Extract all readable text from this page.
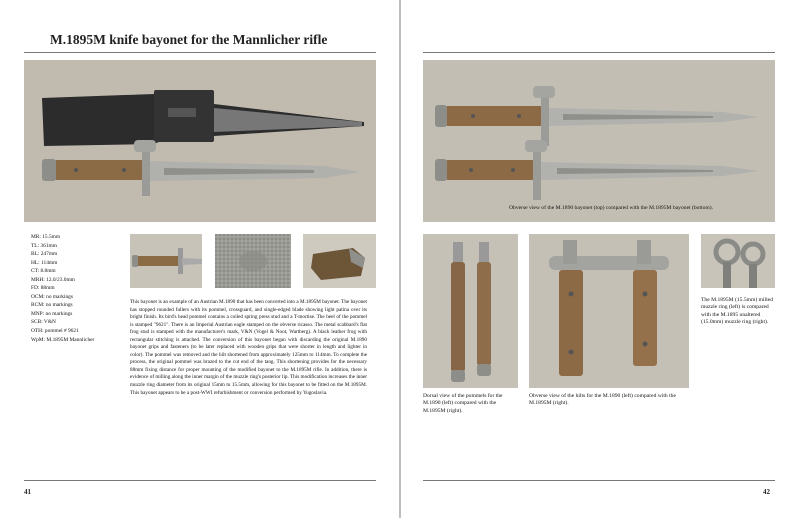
M.1895M knife bayonet for the Mannlicher rifle
MR: 15.5mm
TL: 361mm
BL: 247mm
HL: 114mm
CT: 8.8mm
MRH: 12.0/23.0mm
FD: 88mm
OCM: no markings
RCM: no markings
MNP: no markings
SCB: V&N
OTH: pommel # 9621
WpM: M.1895M Mannlicher
This bayonet is an example of an Austrian M.1890 that has been converted into a M.1895M bayonet. The bayonet has stopped rounded fullers with its pommel, crossguard, and single-edged blade showing light patina over its bright finish. Its bird's head pommel contains a coiled spring press stud and a T-mortise. The heel of the pommel is stamped "9621". There is an Imperial Austrian eagle stamped on the obverse ricasso. The metal scabbard's flat frog stud is stamped with the manufacturer's mark, V&N (Vogel & Noot, Wartberg). A black leather frog with rectangular stitching is attached. The conversion of this bayonet began with discarding the original M.1890 bayonet grips and fasteners (to be later replaced with wooden grips that were shorter in length and lighter in color). The pommel was removed and the hilt shortened from approximately 125mm to 114mm. To complete the process, the original pommel was brazed to the cut end of the tang. This shortening provides for the necessary 88mm fixing distance for proper mounting of the modified bayonet to the M.1895M rifle. In addition, there is evidence of milling along the inner margin of the muzzle ring's posterior lip. This modification increases the inner muzzle ring diameter from its original 15mm to 15.5mm, allowing for this bayonet to be fitted on the M.1895M. This bayonet appears to be a post-WWI refurbishment or conversion performed by Yugoslavia.
41
Obverse view of the M.1890 bayonet (top) compared with the M.1895M bayonet (bottom).
Dorsal view of the pommels for the M.1890 (left) compared with the M.1895M (right).
Obverse view of the hilts for the M.1890 (left) compared with the M.1895M (right).
The M.1895M (15.5mm) milled muzzle ring (left) is compared with the M.1895 unaltered (15.0mm) muzzle ring (right).
42
